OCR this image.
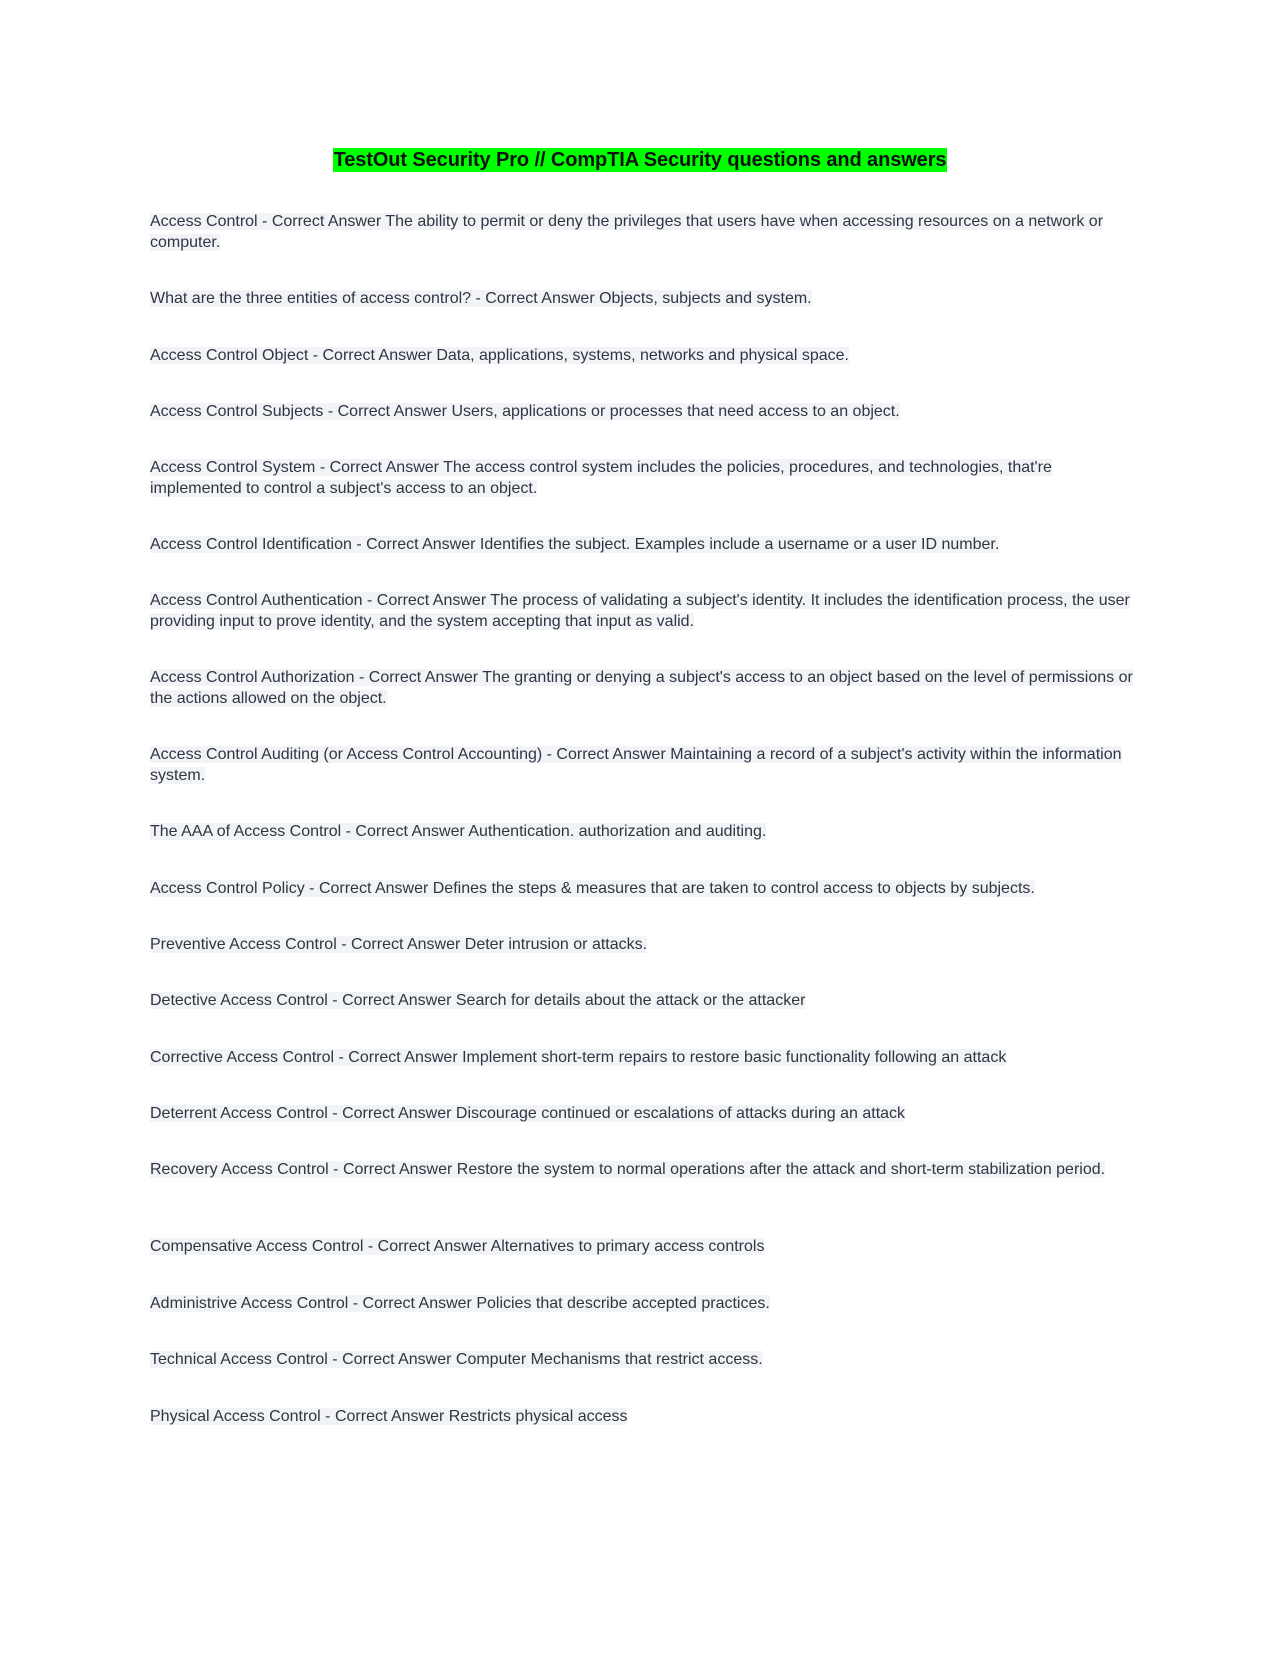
TestOut Security Pro // CompTIA Security questions and answers

Access Control - Correct Answer The ability to permit or deny the privileges that users have when accessing resources on a network or computer.

What are the three entities of access control? - Correct Answer Objects, subjects and system.

Access Control Object - Correct Answer Data, applications, systems, networks and physical space.

Access Control Subjects - Correct Answer Users, applications or processes that need access to an object.

Access Control System - Correct Answer The access control system includes the policies, procedures, and technologies, that're implemented to control a subject's access to an object.

Access Control Identification - Correct Answer Identifies the subject. Examples include a username or a user ID number.

Access Control Authentication - Correct Answer The process of validating a subject's identity. It includes the identification process, the user providing input to prove identity, and the system accepting that input as valid.

Access Control Authorization - Correct Answer The granting or denying a subject's access to an object based on the level of permissions or the actions allowed on the object.

Access Control Auditing (or Access Control Accounting) - Correct Answer Maintaining a record of a subject's activity within the information system.

The AAA of Access Control - Correct Answer Authentication. authorization and auditing.

Access Control Policy - Correct Answer Defines the steps & measures that are taken to control access to objects by subjects.

Preventive Access Control - Correct Answer Deter intrusion or attacks.

Detective Access Control - Correct Answer Search for details about the attack or the attacker

Corrective Access Control - Correct Answer Implement short-term repairs to restore basic functionality following an attack

Deterrent Access Control - Correct Answer Discourage continued or escalations of attacks during an attack

Recovery Access Control - Correct Answer Restore the system to normal operations after the attack and short-term stabilization period.

Compensative Access Control - Correct Answer Alternatives to primary access controls

Administrive Access Control - Correct Answer Policies that describe accepted practices.

Technical Access Control - Correct Answer Computer Mechanisms that restrict access.

Physical Access Control - Correct Answer Restricts physical access
